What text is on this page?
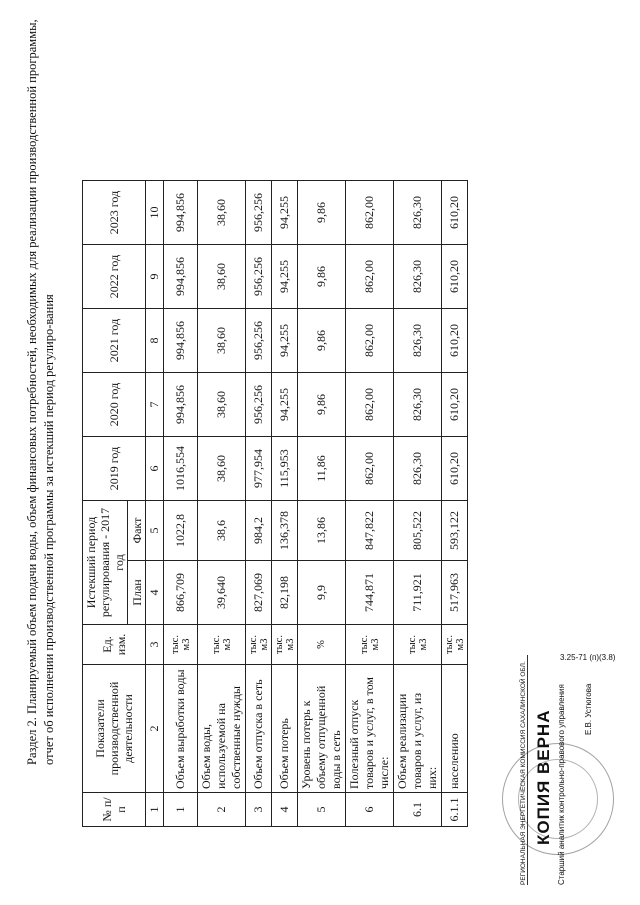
Раздел 2. Планируемый объем подачи воды, объем финансовых потребностей, необходимых для реализации производственной программы, отчет об исполнении производственной программы за истекший период регулиро-вания
№ п/п	Показатели производственной деятельности	Ед. изм.	Истекший период регулирования - 2017 год		2019 год	2020 год	2021 год	2022 год	2023 год
			План	Факт					
1	2	3	4	5	6	7	8	9	10
1	Объем выработки воды	тыс. м3	866,709	1022,8	1016,554	994,856	994,856	994,856	994,856
2	Объем воды, используемой на собственные нужды	тыс. м3	39,640	38,6	38,60	38,60	38,60	38,60	38,60
3	Объем отпуска в сеть	тыс. м3	827,069	984,2	977,954	956,256	956,256	956,256	956,256
4	Объем потерь	тыс. м3	82,198	136,378	115,953	94,255	94,255	94,255	94,255
5	Уровень потерь к объему отпущенной воды в сеть	%	9,9	13,86	11,86	9,86	9,86	9,86	9,86
6	Полезный отпуск товаров и услуг, в том числе:	тыс. м3	744,871	847,822	862,00	862,00	862,00	862,00	862,00
6.1	Объем реализации товаров и услуг, из них:	тыс. м3	711,921	805,522	826,30	826,30	826,30	826,30	826,30
6.1.1	населению	тыс. м3	517,963	593,122	610,20	610,20	610,20	610,20	610,20
РЕГИОНАЛЬНАЯ ЭНЕРГЕТИЧЕСКАЯ КОМИССИЯ САХАЛИНСКОЙ ОБЛ. КОПИЯ ВЕРНА Старший аналитик контрольно-правового управления Е.В. Устюгова
3.25-71 (п)(3.8)
